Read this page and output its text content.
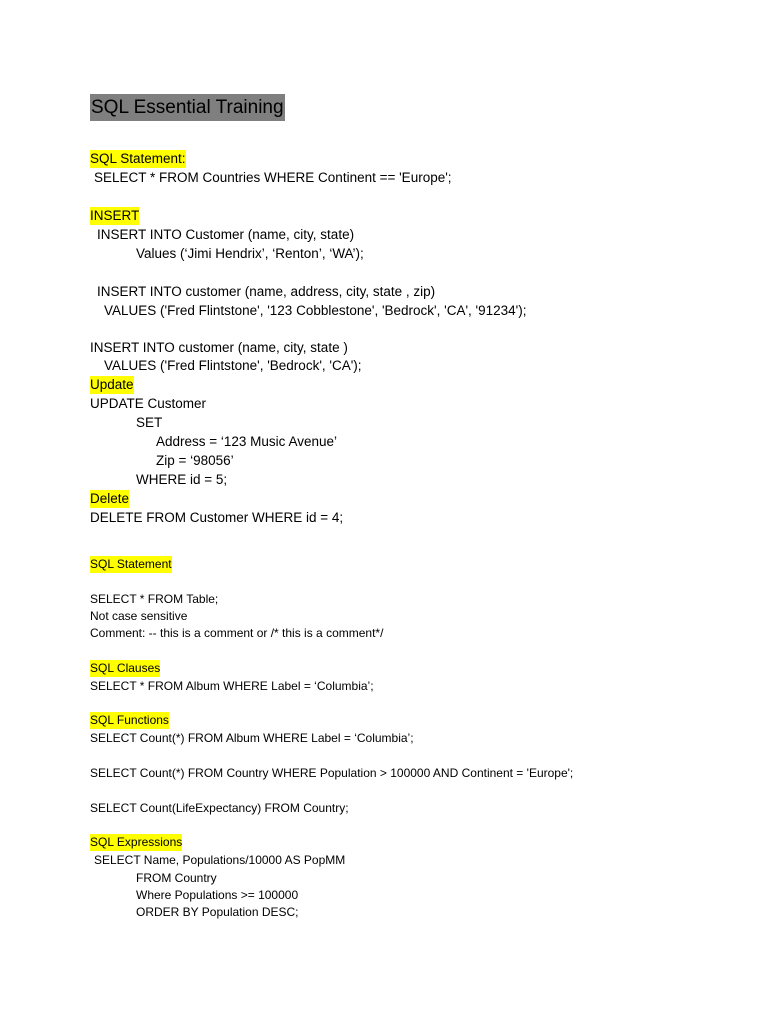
SQL Essential Training
SQL Statement:
SELECT * FROM Countries WHERE Continent == 'Europe';
INSERT
INSERT INTO Customer (name, city, state)
Values (‘Jimi Hendrix’, ‘Renton’, ‘WA’);
INSERT INTO customer (name, address, city, state , zip)
VALUES ('Fred Flintstone', '123 Cobblestone', 'Bedrock', 'CA', '91234');
INSERT INTO customer (name, city, state )
VALUES ('Fred Flintstone', 'Bedrock', 'CA');
Update
UPDATE Customer
SET
Address = ‘123 Music Avenue’
Zip = ‘98056’
WHERE id = 5;
Delete
DELETE FROM Customer WHERE id = 4;
SQL Statement
SELECT * FROM Table;
Not case sensitive
Comment: -- this is a comment or /* this is a comment*/
SQL Clauses
SELECT * FROM Album WHERE Label = ‘Columbia’;
SQL Functions
SELECT Count(*) FROM Album WHERE Label = ‘Columbia’;
SELECT Count(*) FROM Country WHERE Population > 100000 AND Continent = 'Europe';
SELECT Count(LifeExpectancy) FROM Country;
SQL Expressions
SELECT Name, Populations/10000 AS PopMM
FROM Country
Where Populations >= 100000
ORDER BY Population DESC;
